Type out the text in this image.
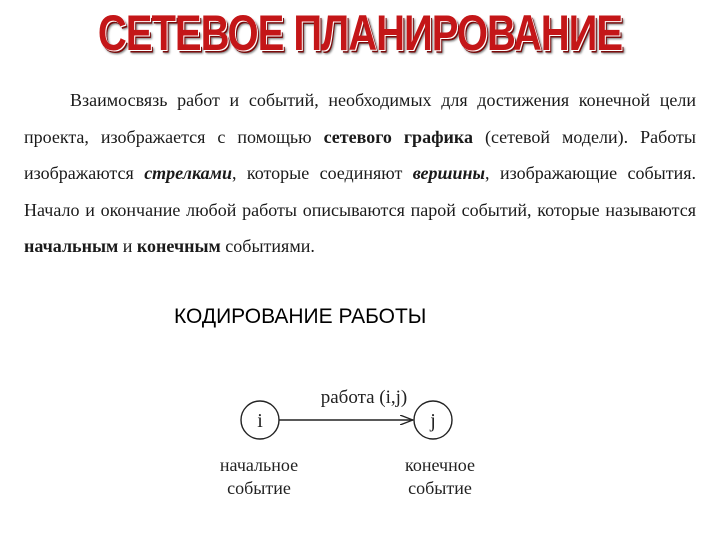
СЕТЕВОЕ ПЛАНИРОВАНИЕ
Взаимосвязь работ и событий, необходимых для достижения конечной цели проекта, изображается с помощью сетевого графика (сетевой модели). Работы изображаются стрелками, которые соединяют вершины, изображающие события. Начало и окончание любой работы описываются парой событий, которые называются начальным и конечным событиями.
КОДИРОВАНИЕ РАБОТЫ
работа (i,j)
i	j
начальное
событие
конечное
событие
